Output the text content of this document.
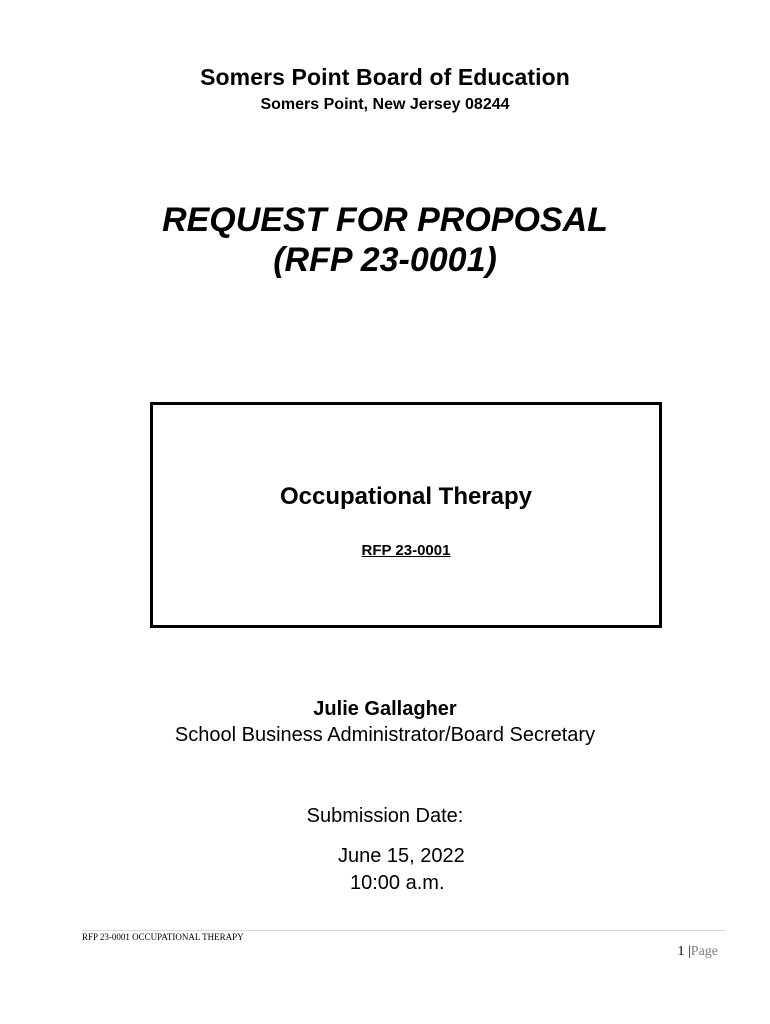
Somers Point Board of Education
Somers Point, New Jersey 08244
REQUEST FOR PROPOSAL
(RFP 23-0001)
Occupational Therapy
RFP 23-0001
Julie Gallagher
School Business Administrator/Board Secretary
Submission Date:
June 15, 2022
10:00 a.m.
RFP 23-0001 OCCUPATIONAL THERAPY
1 |Page
